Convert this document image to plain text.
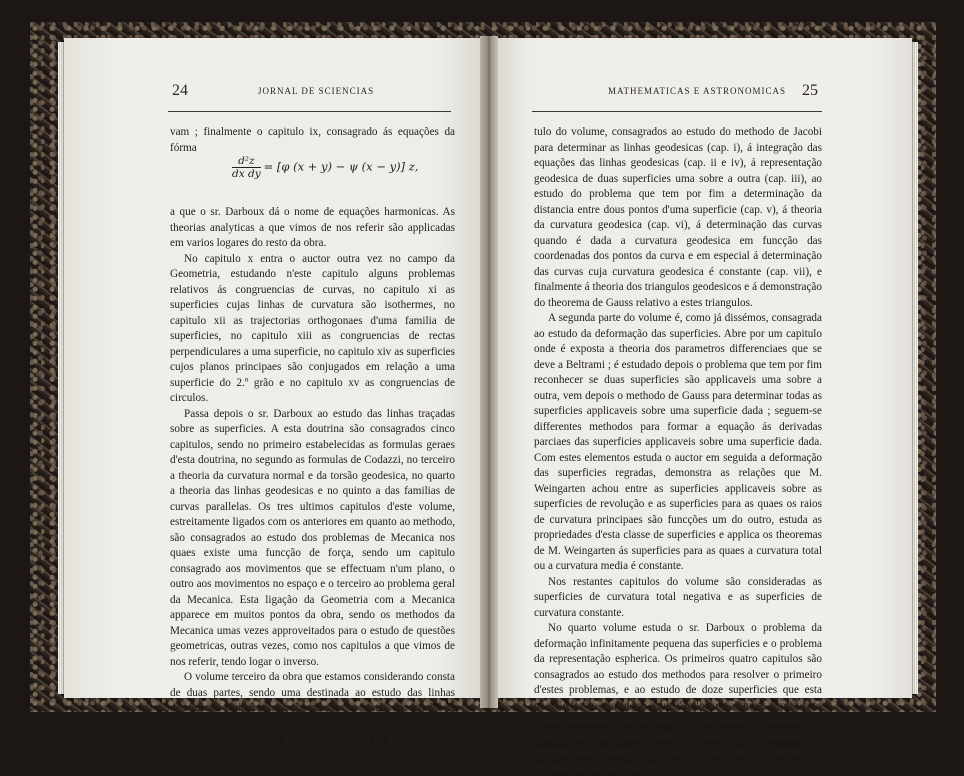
24	JORNAL DE SCIENCIAS

vam ; finalmente o capitulo ix, consagrado ás equações da fórma

$\frac{\text{d²z}}{\text{dx dy}} = [\varphi$ (x + y) − ψ (x − y)] z,

a que o sr. Darboux dá o nome de equações harmonicas. As theorias analyticas a que vimos de nos referir são applicadas em varios logares do resto da obra.

No capitulo x entra o auctor outra vez no campo da Geometria, estudando n'este capitulo alguns problemas relativos ás congruencias de curvas, no capitulo xi as superficies cujas linhas de curvatura são isothermes, no capitulo xii as trajectorias orthogonaes d'uma familia de superficies, no capitulo xiii as congruencias de rectas perpendiculares a uma superficie, no capitulo xiv as superficies cujos planos principaes são conjugados em relação a uma superficie do 2.º grão e no capitulo xv as congruencias de circulos.

Passa depois o sr. Darboux ao estudo das linhas traçadas sobre as superficies. A esta doutrina são consagrados cinco capitulos, sendo no primeiro estabelecidas as formulas geraes d'esta doutrina, no segundo as formulas de Codazzi, no terceiro a theoria da curvatura normal e da torsão geodesica, no quarto a theoria das linhas geodesicas e no quinto a das familias de curvas parallelas. Os tres ultimos capitulos d'este volume, estreitamente ligados com os anteriores em quanto ao methodo, são consagrados ao estudo dos problemas de Mecanica nos quaes existe uma funcção de força, sendo um capitulo consagrado aos movimentos que se effectuam n'um plano, o outro aos movimentos no espaço e o terceiro ao problema geral da Mecanica. Esta ligação da Geometria com a Mecanica apparece em muitos pontos da obra, sendo os methodos da Mecanica umas vezes approveitados para o estudo de questões geometricas, outras vezes, como nos capitulos a que vimos de nos referir, tendo logar o inverso.

O volume terceiro da obra que estamos considerando consta de duas partes, sendo uma destinada ao estudo das linhas geodesicas e da curvatura geodesica, a outra ao estudo da deformação das superficies.

A theoria das linhas geodesicas occupa os primeiros oito capi-

MATHEMATICAS E ASTRONOMICAS 25

tulo do volume, consagrados ao estudo do methodo de Jacobi para determinar as linhas geodesicas (cap. i), á integração das equações das linhas geodesicas (cap. ii e iv), á representação geodesica de duas superficies uma sobre a outra (cap. iii), ao estudo do problema que tem por fim a determinação da distancia entre dous pontos d'uma superficie (cap. v), á theoria da curvatura geodesica (cap. vi), á determinação das curvas quando é dada a curvatura geodesica em funcção das coordenadas dos pontos da curva e em especial á determinação das curvas cuja curvatura geodesica é constante (cap. vii), e finalmente á theoria dos triangulos geodesicos e á demonstração do theorema de Gauss relativo a estes triangulos.

A segunda parte do volume é, como já dissémos, consagrada ao estudo da deformação das superficies. Abre por um capitulo onde é exposta a theoria dos parametros differenciaes que se deve a Beltrami ; é estudado depois o problema que tem por fim reconhecer se duas superficies são applicaveis uma sobre a outra, vem depois o methodo de Gauss para determinar todas as superficies applicaveis sobre uma superficie dada ; seguem-se differentes methodos para formar a equação ás derivadas parciaes das superficies applicaveis sobre uma superficie dada. Com estes elementos estuda o auctor em seguida a deformação das superficies regradas, demonstra as relações que M. Weingarten achou entre as superficies applicaveis sobre as superficies de revolução e as superficies para as quaes os raios de curvatura principaes são funcções um do outro, estuda as propriedades d'esta classe de superficies e applica os theoremas de M. Weingarten ás superficies para as quaes a curvatura total ou a curvatura media é constante.

Nos restantes capitulos do volume são consideradas as superficies de curvatura total negativa e as superficies de curvatura constante.

No quarto volume estuda o sr. Darboux o problema da deformação infinitamente pequena das superficies e o problema da representação espherica. Os primeiros quatro capitulos são consagrados ao estudo dos methodos para resolver o primeiro d'estes problemas, e ao estudo de doze superficies que esta questão leva a considerar e que dão logar a algumas applicações d'estes methodos. No capitulo vi é estudado o rolamento de duas superficies uma sobre a outra. O problema da representação espherica e a sua relação com o problema da deformação das superficies
